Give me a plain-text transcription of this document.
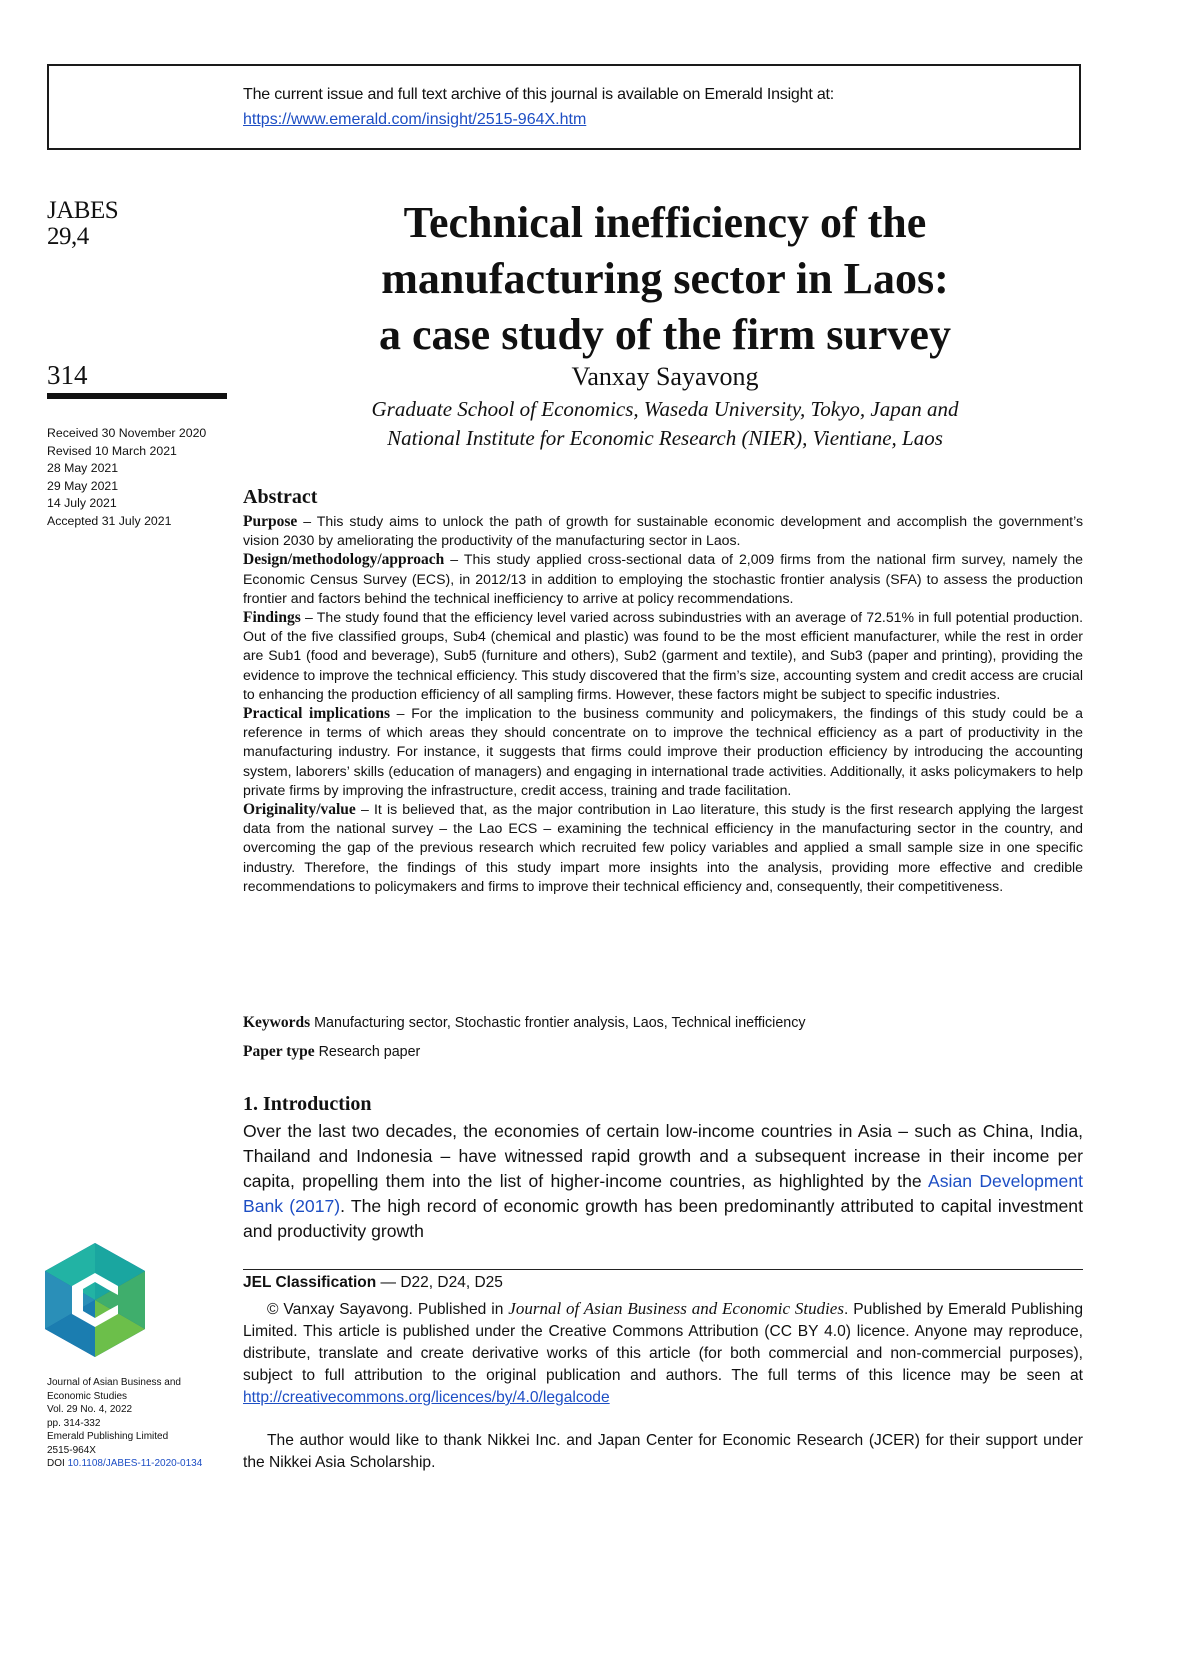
The current issue and full text archive of this journal is available on Emerald Insight at:
https://www.emerald.com/insight/2515-964X.htm
JABES
29,4
314
Received 30 November 2020
Revised 10 March 2021
28 May 2021
29 May 2021
14 July 2021
Accepted 31 July 2021
Technical inefficiency of the
manufacturing sector in Laos:
a case study of the firm survey
Vanxay Sayavong
Graduate School of Economics, Waseda University, Tokyo, Japan and
National Institute for Economic Research (NIER), Vientiane, Laos
Abstract

Purpose – This study aims to unlock the path of growth for sustainable economic development and accomplish the government’s vision 2030 by ameliorating the productivity of the manufacturing sector in Laos.

Design/methodology/approach – This study applied cross-sectional data of 2,009 firms from the national firm survey, namely the Economic Census Survey (ECS), in 2012/13 in addition to employing the stochastic frontier analysis (SFA) to assess the production frontier and factors behind the technical inefficiency to arrive at policy recommendations.

Findings – The study found that the efficiency level varied across subindustries with an average of 72.51% in full potential production. Out of the five classified groups, Sub4 (chemical and plastic) was found to be the most efficient manufacturer, while the rest in order are Sub1 (food and beverage), Sub5 (furniture and others), Sub2 (garment and textile), and Sub3 (paper and printing), providing the evidence to improve the technical efficiency. This study discovered that the firm’s size, accounting system and credit access are crucial to enhancing the production efficiency of all sampling firms. However, these factors might be subject to specific industries.

Practical implications – For the implication to the business community and policymakers, the findings of this study could be a reference in terms of which areas they should concentrate on to improve the technical efficiency as a part of productivity in the manufacturing industry. For instance, it suggests that firms could improve their production efficiency by introducing the accounting system, laborers’ skills (education of managers) and engaging in international trade activities. Additionally, it asks policymakers to help private firms by improving the infrastructure, credit access, training and trade facilitation.

Originality/value – It is believed that, as the major contribution in Lao literature, this study is the first research applying the largest data from the national survey – the Lao ECS – examining the technical efficiency in the manufacturing sector in the country, and overcoming the gap of the previous research which recruited few policy variables and applied a small sample size in one specific industry. Therefore, the findings of this study impart more insights into the analysis, providing more effective and credible recommendations to policymakers and firms to improve their technical efficiency and, consequently, their competitiveness.

Keywords Manufacturing sector, Stochastic frontier analysis, Laos, Technical inefficiency
Paper type Research paper
1. Introduction

Over the last two decades, the economies of certain low-income countries in Asia – such as China, India, Thailand and Indonesia – have witnessed rapid growth and a subsequent increase in their income per capita, propelling them into the list of higher-income countries, as highlighted by the Asian Development Bank (2017). The high record of economic growth has been predominantly attributed to capital investment and productivity growth

JEL Classification — D22, D24, D25

© Vanxay Sayavong. Published in Journal of Asian Business and Economic Studies. Published by Emerald Publishing Limited. This article is published under the Creative Commons Attribution (CC BY 4.0) licence. Anyone may reproduce, distribute, translate and create derivative works of this article (for both commercial and non-commercial purposes), subject to full attribution to the original publication and authors. The full terms of this licence may be seen at http://creativecommons.org/licences/by/4.0/legalcode

The author would like to thank Nikkei Inc. and Japan Center for Economic Research (JCER) for their support under the Nikkei Asia Scholarship.

Journal of Asian Business and
Economic Studies
Vol. 29 No. 4, 2022
pp. 314-332
Emerald Publishing Limited
2515-964X
DOI 10.1108/JABES-11-2020-0134
